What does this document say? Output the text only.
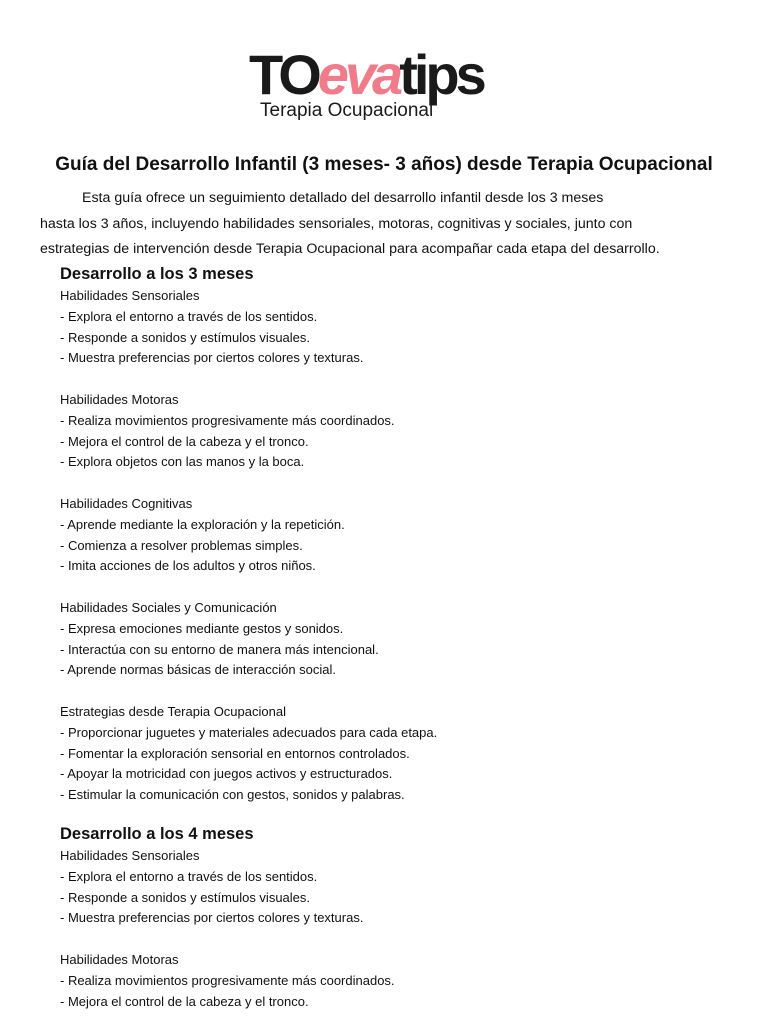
TOevatips
Terapia Ocupacional
Guía del Desarrollo Infantil (3 meses- 3 años) desde Terapia Ocupacional
Esta guía ofrece un seguimiento detallado del desarrollo infantil desde los 3 meses
hasta los 3 años, incluyendo habilidades sensoriales, motoras, cognitivas y sociales, junto con
estrategias de intervención desde Terapia Ocupacional para acompañar cada etapa del desarrollo.
Desarrollo a los 3 meses

Habilidades Sensoriales

- Explora el entorno a través de los sentidos.

- Responde a sonidos y estímulos visuales.

- Muestra preferencias por ciertos colores y texturas.

Habilidades Motoras

- Realiza movimientos progresivamente más coordinados.

- Mejora el control de la cabeza y el tronco.

- Explora objetos con las manos y la boca.

Habilidades Cognitivas

- Aprende mediante la exploración y la repetición.

- Comienza a resolver problemas simples.

- Imita acciones de los adultos y otros niños.

Habilidades Sociales y Comunicación

- Expresa emociones mediante gestos y sonidos.

- Interactúa con su entorno de manera más intencional.

- Aprende normas básicas de interacción social.

Estrategias desde Terapia Ocupacional

- Proporcionar juguetes y materiales adecuados para cada etapa.

- Fomentar la exploración sensorial en entornos controlados.

- Apoyar la motricidad con juegos activos y estructurados.

- Estimular la comunicación con gestos, sonidos y palabras.

Desarrollo a los 4 meses

Habilidades Sensoriales

- Explora el entorno a través de los sentidos.

- Responde a sonidos y estímulos visuales.

- Muestra preferencias por ciertos colores y texturas.

Habilidades Motoras

- Realiza movimientos progresivamente más coordinados.

- Mejora el control de la cabeza y el tronco.
